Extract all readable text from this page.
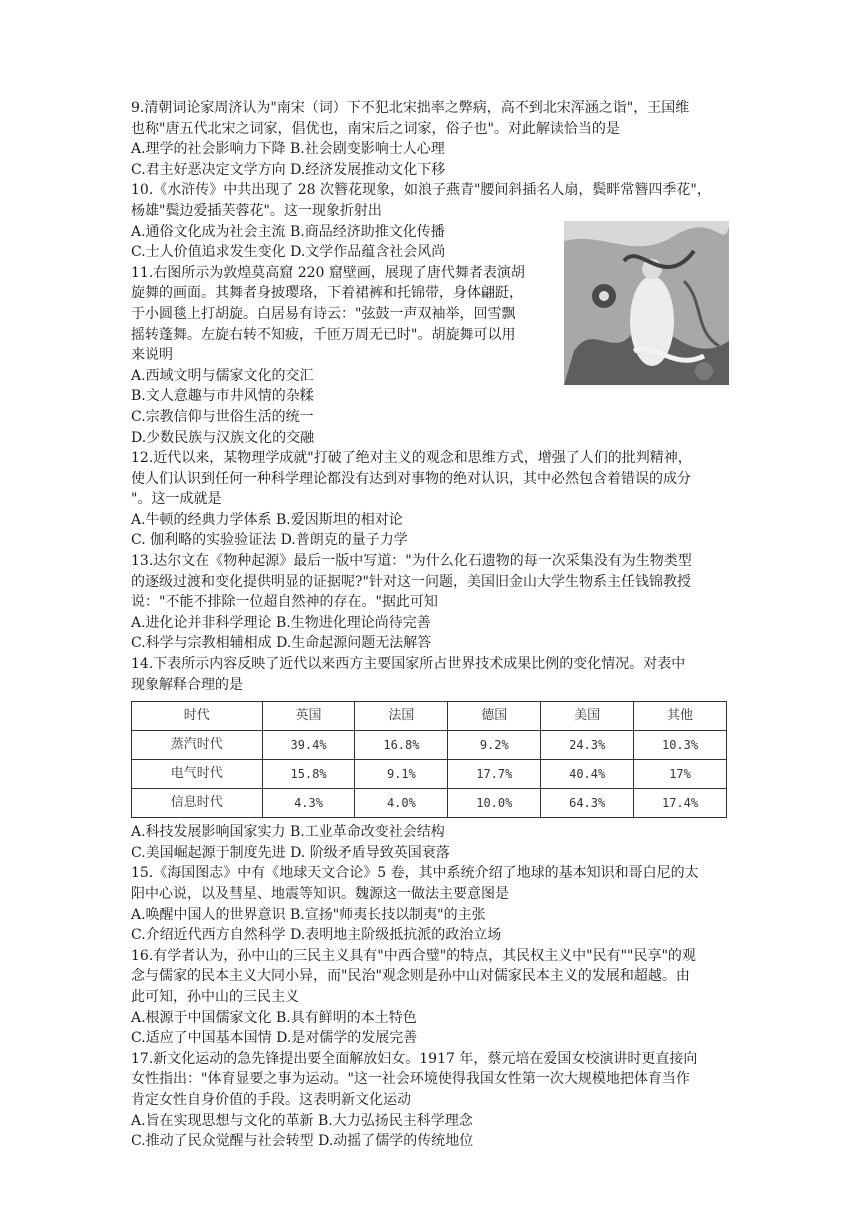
9.清朝词论家周济认为"南宋（词）下不犯北宋拙率之弊病，高不到北宋浑涵之诣"，王国维
也称"唐五代北宋之词家，倡优也，南宋后之词家，俗子也"。对此解读恰当的是
A.理学的社会影响力下降 B.社会剧变影响士人心理
C.君主好恶决定文学方向 D.经济发展推动文化下移
10.《水浒传》中共出现了 28 次簪花现象，如浪子燕青"腰间斜插名人扇，鬓畔常簪四季花"，
杨雄"鬓边爱插芙蓉花"。这一现象折射出
A.通俗文化成为社会主流 B.商品经济助推文化传播
C.士人价值追求发生变化 D.文学作品蕴含社会风尚
11.右图所示为敦煌莫高窟 220 窟壁画，展现了唐代舞者表演胡
旋舞的画面。其舞者身披璎珞，下着裙裤和托锦带，身体翩跹，
于小圆毯上打胡旋。白居易有诗云："弦鼓一声双袖举，回雪飘
摇转蓬舞。左旋右转不知疲，千匝万周无已时"。胡旋舞可以用
来说明
A.西域文明与儒家文化的交汇
B.文人意趣与市井风情的杂糅
C.宗教信仰与世俗生活的统一
D.少数民族与汉族文化的交融
12.近代以来，某物理学成就"打破了绝对主义的观念和思维方式，增强了人们的批判精神，
使人们认识到任何一种科学理论都没有达到对事物的绝对认识，其中必然包含着错误的成分
"。这一成就是
A.牛顿的经典力学体系 B.爱因斯坦的相对论
C. 伽利略的实验验证法 D.普朗克的量子力学
13.达尔文在《物种起源》最后一版中写道："为什么化石遗物的每一次采集没有为生物类型
的逐级过渡和变化提供明显的证据呢?"针对这一问题，美国旧金山大学生物系主任钱锦教授
说："不能不排除一位超自然神的存在。"据此可知
A.进化论并非科学理论 B.生物进化理论尚待完善
C.科学与宗教相辅相成 D.生命起源问题无法解答
14.下表所示内容反映了近代以来西方主要国家所占世界技术成果比例的变化情况。对表中
现象解释合理的是
时代	英国	法国	德国	美国	其他
蒸汽时代	39.4%	16.8%	9.2%	24.3%	10.3%
电气时代	15.8%	9.1%	17.7%	40.4%	17%
信息时代	4.3%	4.0%	10.0%	64.3%	17.4%
A.科技发展影响国家实力 B.工业革命改变社会结构
C.美国崛起源于制度先进 D. 阶级矛盾导致英国衰落
15.《海国图志》中有《地球天文合论》5 卷，其中系统介绍了地球的基本知识和哥白尼的太
阳中心说，以及彗星、地震等知识。魏源这一做法主要意图是
A.唤醒中国人的世界意识 B.宣扬"师夷长技以制夷"的主张
C.介绍近代西方自然科学 D.表明地主阶级抵抗派的政治立场
16.有学者认为，孙中山的三民主义具有"中西合璧"的特点，其民权主义中"民有""民享"的观
念与儒家的民本主义大同小异，而"民治"观念则是孙中山对儒家民本主义的发展和超越。由
此可知，孙中山的三民主义
A.根源于中国儒家文化 B.具有鲜明的本土特色
C.适应了中国基本国情 D.是对儒学的发展完善
17.新文化运动的急先锋提出要全面解放妇女。1917 年，蔡元培在爱国女校演讲时更直接向
女性指出："体育显要之事为运动。"这一社会环境使得我国女性第一次大规模地把体育当作
肯定女性自身价值的手段。这表明新文化运动
A.旨在实现思想与文化的革新 B.大力弘扬民主科学理念
C.推动了民众觉醒与社会转型 D.动摇了儒学的传统地位
